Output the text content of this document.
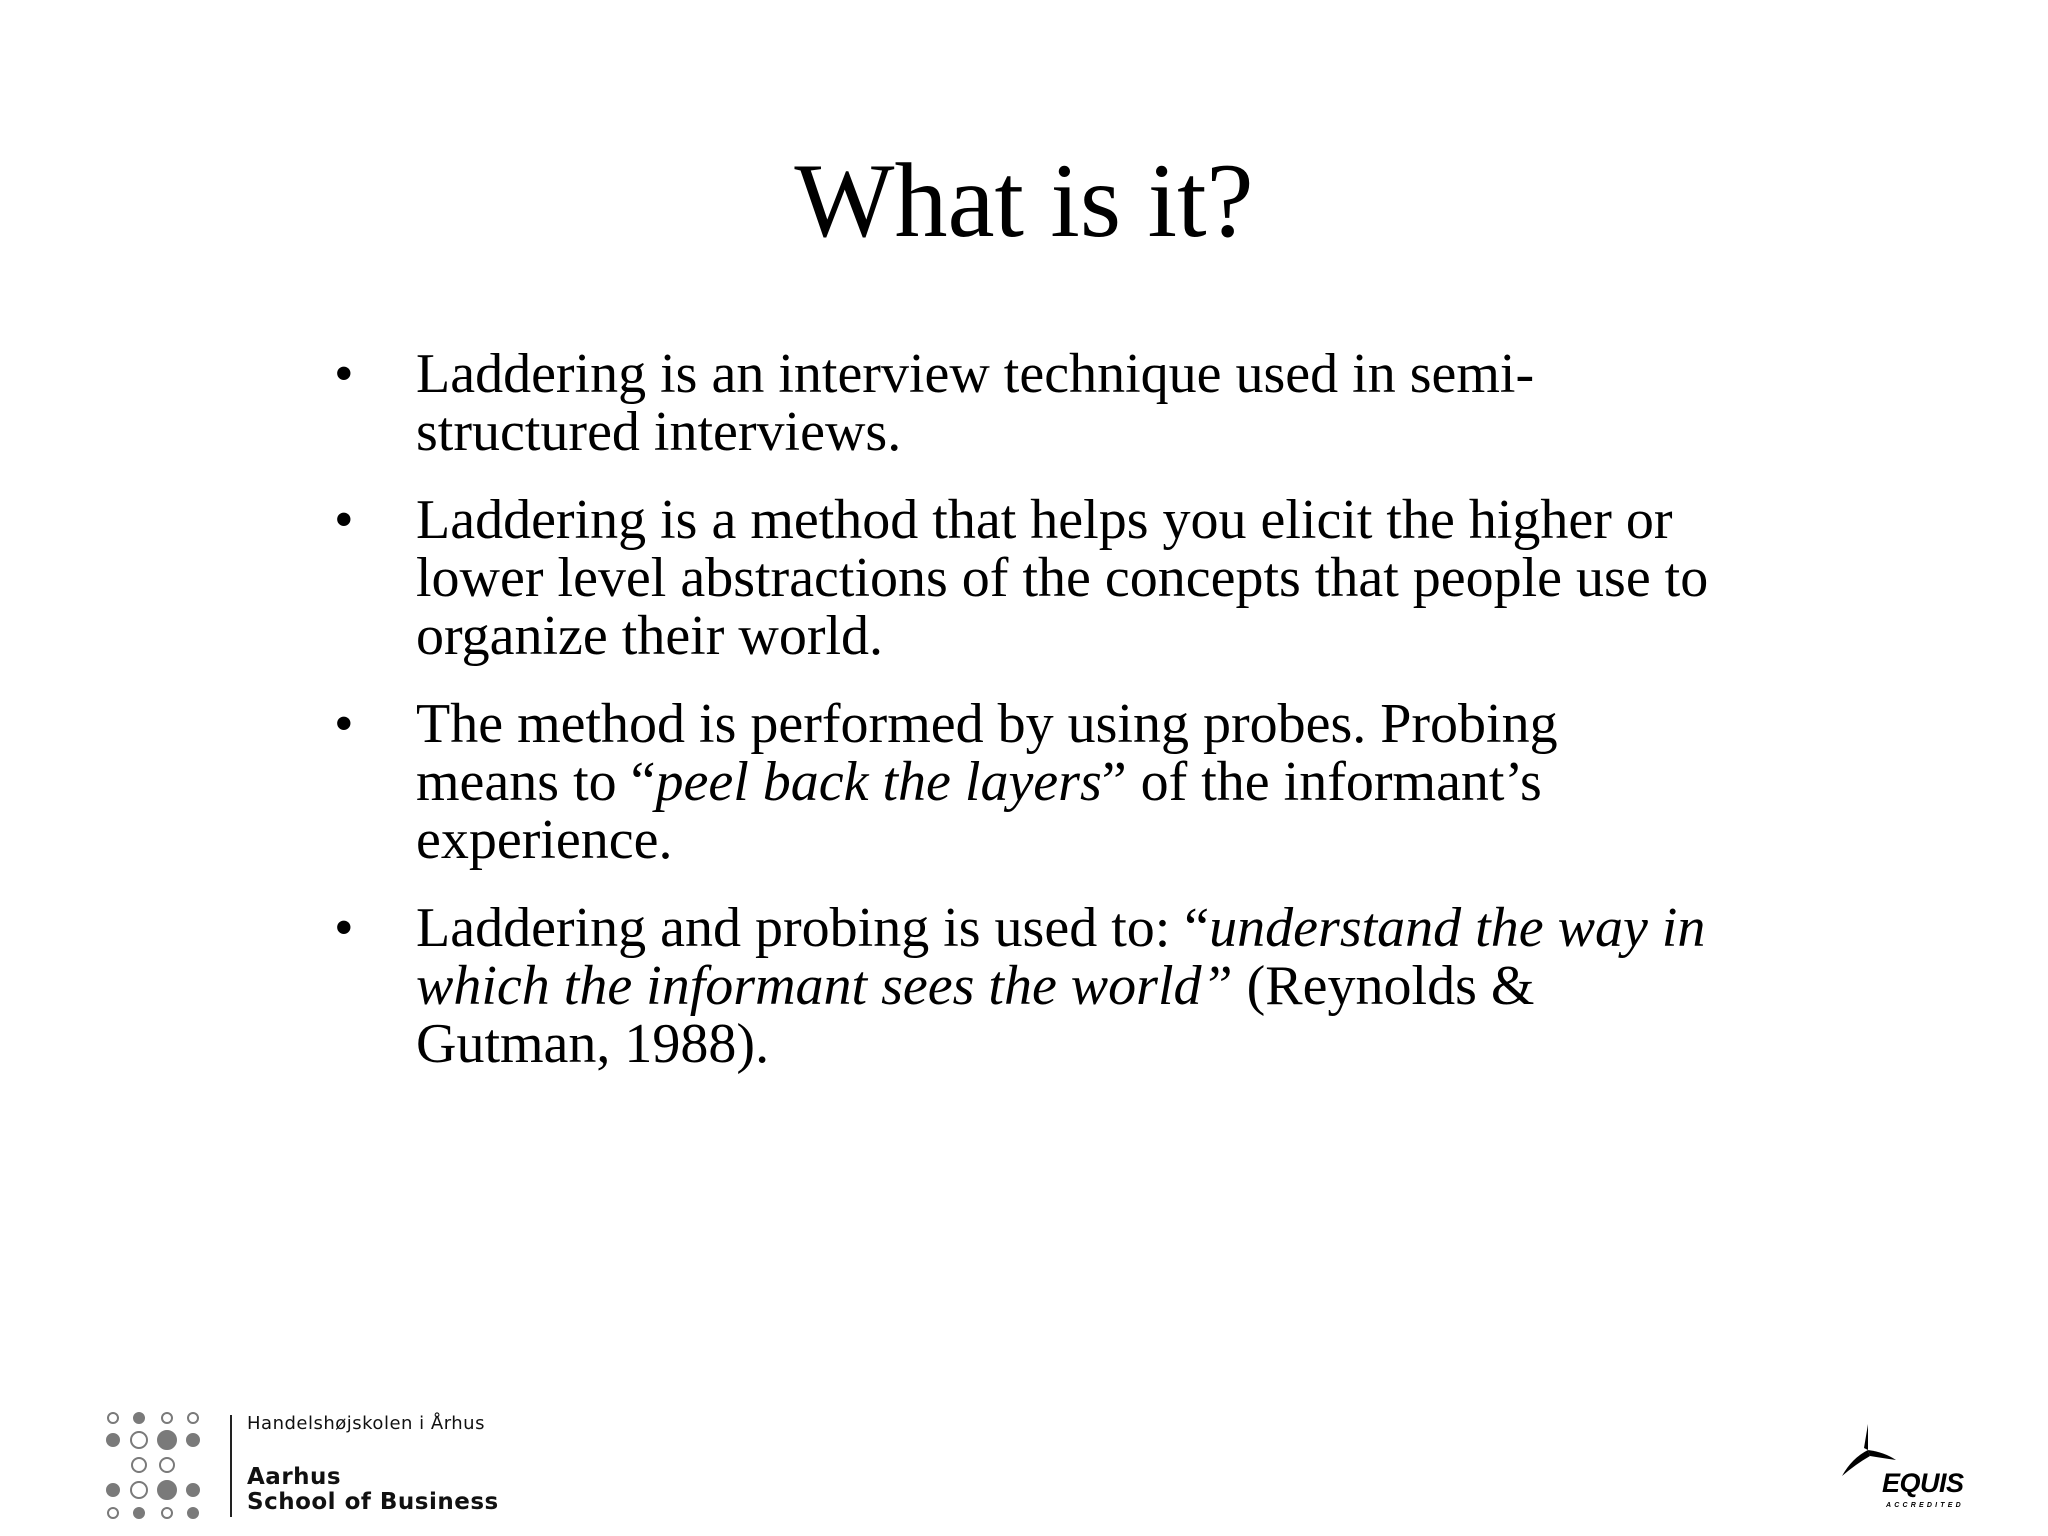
What is it?
• Laddering is an interview technique used in semi- structured interviews.
• Laddering is a method that helps you elicit the higher or lower level abstractions of the concepts that people use to organize their world.
• The method is performed by using probes. Probing means to “peel back the layers” of the informant’s experience.
• Laddering and probing is used to: “understand the way in which the informant sees the world” (Reynolds & Gutman, 1988).
Handelshøjskolen i Århus
Aarhus
School of Business
EQUIS
ACCREDITED
